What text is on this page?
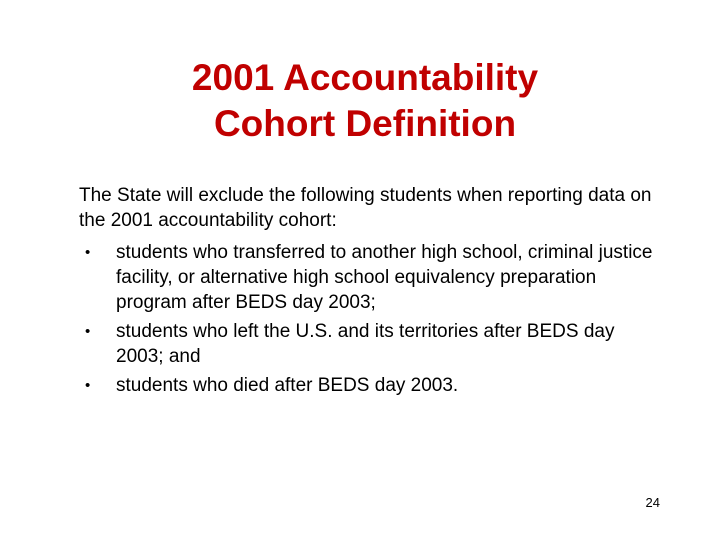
2001 Accountability
Cohort Definition

The State will exclude the following students when reporting data on the 2001 accountability cohort:

• students who transferred to another high school, criminal justice facility, or alternative high school equivalency preparation program after BEDS day 2003;
• students who left the U.S. and its territories after BEDS day 2003; and
• students who died after BEDS day 2003.
24
